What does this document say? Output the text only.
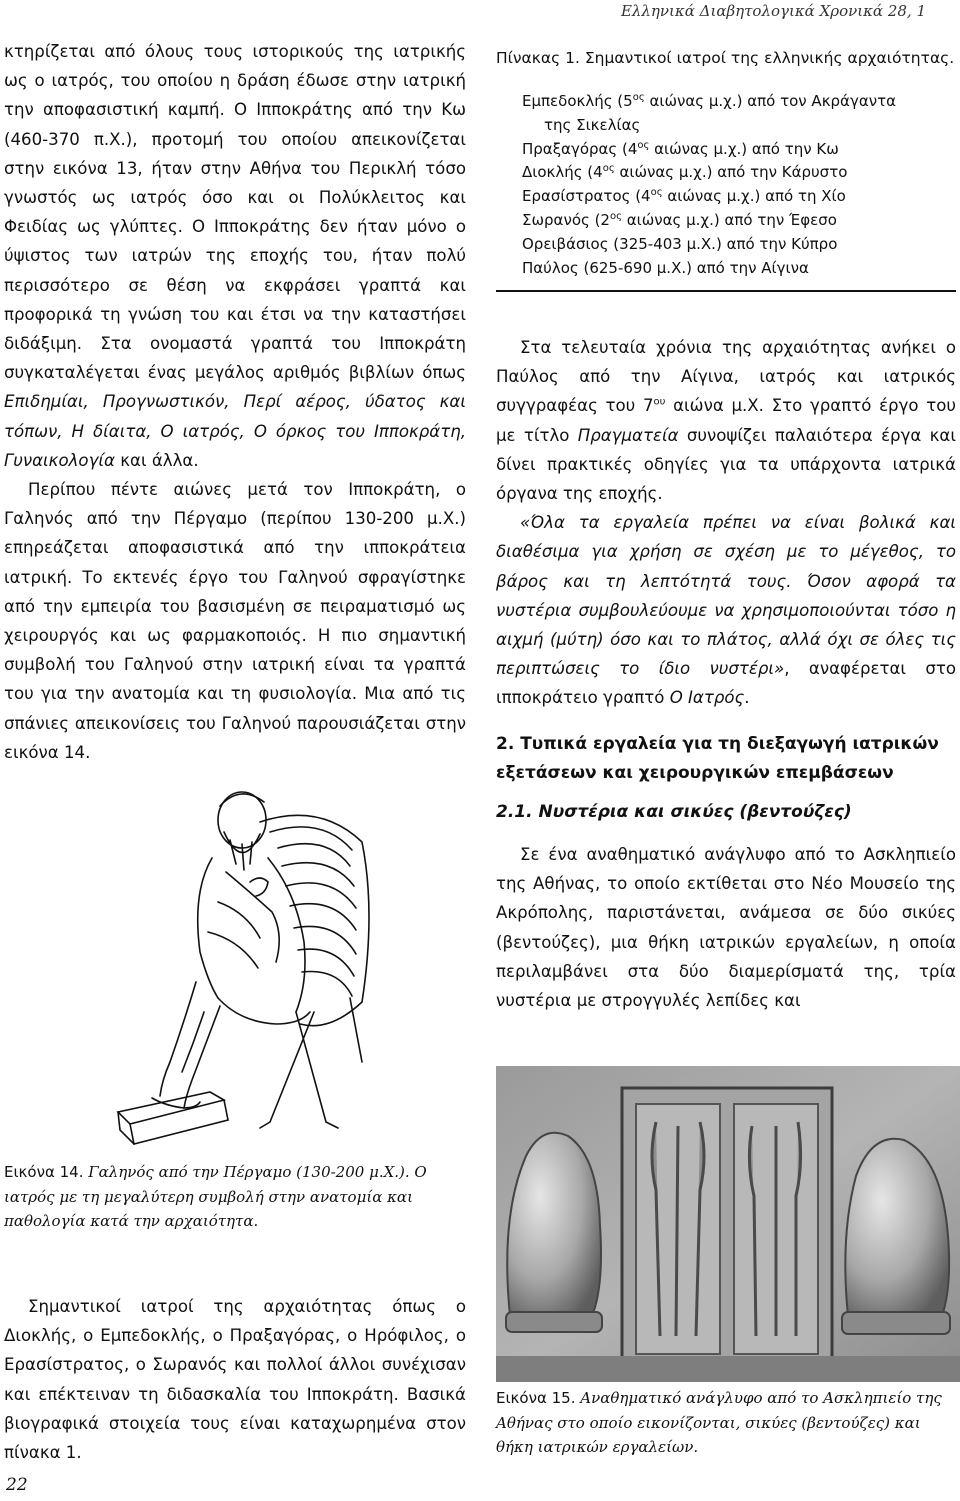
Ελληνικά Διαβητολογικά Χρονικά 28, 1

κτηρίζεται από όλους τους ιστορικούς της ιατρικής ως ο ιατρός, του οποίου η δράση έδωσε στην ιατρική την αποφασιστική καμπή. Ο Ιπποκράτης από την Κω (460-370 π.Χ.), προτομή του οποίου απεικονίζεται στην εικόνα 13, ήταν στην Αθήνα του Περικλή τόσο γνωστός ως ιατρός όσο και οι Πολύκλειτος και Φειδίας ως γλύπτες. Ο Ιπποκράτης δεν ήταν μόνο ο ύψιστος των ιατρών της εποχής του, ήταν πολύ περισσότερο σε θέση να εκφράσει γραπτά και προφορικά τη γνώση του και έτσι να την καταστήσει διδάξιμη. Στα ονομαστά γραπτά του Ιπποκράτη συγκαταλέγεται ένας μεγάλος αριθμός βιβλίων όπως Επιδημίαι, Προγνωστικόν, Περί αέρος, ύδατος και τόπων, Η δίαιτα, Ο ιατρός, Ο όρκος του Ιπποκράτη, Γυναικολογία και άλλα.

Περίπου πέντε αιώνες μετά τον Ιπποκράτη, ο Γαληνός από την Πέργαμο (περίπου 130-200 μ.Χ.) επηρεάζεται αποφασιστικά από την ιπποκράτεια ιατρική. Το εκτενές έργο του Γαληνού σφραγίστηκε από την εμπειρία του βασισμένη σε πειραματισμό ως χειρουργός και ως φαρμακοποιός. Η πιο σημαντική συμβολή του Γαληνού στην ιατρική είναι τα γραπτά του για την ανατομία και τη φυσιολογία. Μια από τις σπάνιες απεικονίσεις του Γαληνού παρουσιάζεται στην εικόνα 14.

Εικόνα 14. Γαληνός από την Πέργαμο (130-200 μ.Χ.). Ο ιατρός με τη μεγαλύτερη συμβολή στην ανατομία και παθολογία κατά την αρχαιότητα.

Σημαντικοί ιατροί της αρχαιότητας όπως ο Διοκλής, ο Εμπεδοκλής, ο Πραξαγόρας, ο Ηρόφιλος, ο Ερασίστρατος, ο Σωρανός και πολλοί άλλοι συνέχισαν και επέκτειναν τη διδασκαλία του Ιπποκράτη. Βασικά βιογραφικά στοιχεία τους είναι καταχωρημένα στον πίνακα 1.

22
Πίνακας 1. Σημαντικοί ιατροί της ελληνικής αρχαιότητας.
Εμπεδοκλής ($5^{o\varsigma}$ αιώνας μ.χ.) από τον Ακράγαντα
της Σικελίας
Πραξαγόρας ($4^{o\varsigma}$ αιώνας μ.χ.) από την Κω
Διοκλής ($4^{o\varsigma}$ αιώνας μ.χ.) από την Κάρυστο
Ερασίστρατος ($4^{o\varsigma}$ αιώνας μ.χ.) από τη Χίο
Σωρανός ($2^{o\varsigma}$ αιώνας μ.χ.) από την Έφεσο
Ορειβάσιος (325-403 μ.Χ.) από την Κύπρο
Παύλος (625-690 μ.Χ.) από την Αίγινα

Στα τελευταία χρόνια της αρχαιότητας ανήκει ο Παύλος από την Αίγινα, ιατρός και ιατρικός συγγραφέας του $7^{o\upsilon}$ αιώνα μ.Χ. Στο γραπτό έργο του με τίτλο Πραγματεία συνοψίζει παλαιότερα έργα και δίνει πρακτικές οδηγίες για τα υπάρχοντα ιατρικά όργανα της εποχής.

«Όλα τα εργαλεία πρέπει να είναι βολικά και διαθέσιμα για χρήση σε σχέση με το μέγεθος, το βάρος και τη λεπτότητά τους. Όσον αφορά τα νυστέρια συμβουλεύουμε να χρησιμοποιούνται τόσο η αιχμή (μύτη) όσο και το πλάτος, αλλά όχι σε όλες τις περιπτώσεις το ίδιο νυστέρι», αναφέρεται στο ιπποκράτειο γραπτό Ο Ιατρός.

2. Τυπικά εργαλεία για τη διεξαγωγή ιατρικών εξετάσεων και χειρουργικών επεμβάσεων
2.1. Νυστέρια και σικύες (βεντούζες)

Σε ένα αναθηματικό ανάγλυφο από το Ασκληπιείο της Αθήνας, το οποίο εκτίθεται στο Νέο Μουσείο της Ακρόπολης, παριστάνεται, ανάμεσα σε δύο σικύες (βεντούζες), μια θήκη ιατρικών εργαλείων, η οποία περιλαμβάνει στα δύο διαμερίσματά της, τρία νυστέρια με στρογγυλές λεπίδες και

Εικόνα 15. Αναθηματικό ανάγλυφο από το Ασκληπιείο της Αθήνας στο οποίο εικονίζονται, σικύες (βεντούζες) και θήκη ιατρικών εργαλείων.
